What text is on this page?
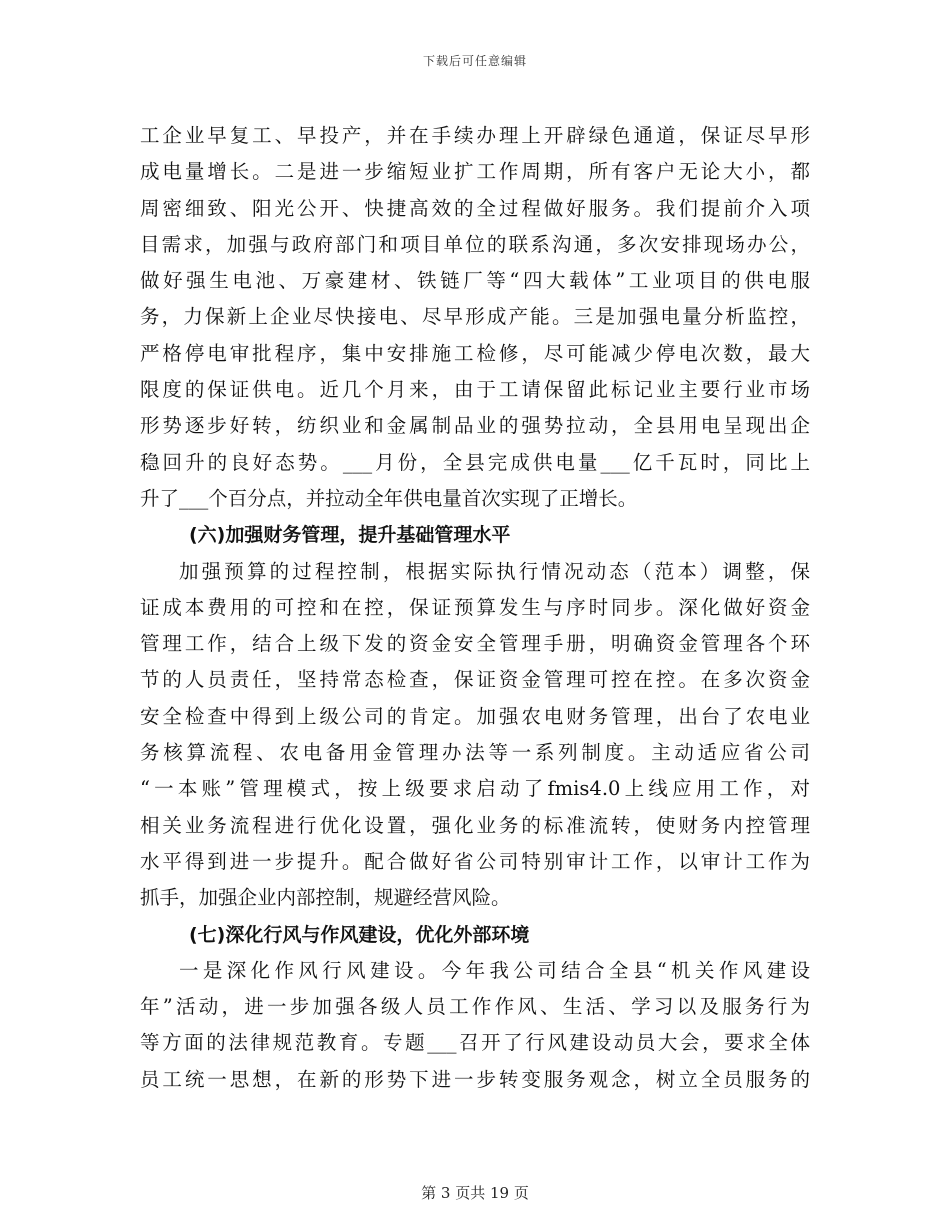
下载后可任意编辑
工企业早复工、早投产，并在手续办理上开辟绿色通道，保证尽早形
成电量增长。二是进一步缩短业扩工作周期，所有客户无论大小，都
周密细致、阳光公开、快捷高效的全过程做好服务。我们提前介入项
目需求，加强与政府部门和项目单位的联系沟通，多次安排现场办公，
做好强生电池、万豪建材、铁链厂等“四大载体”工业项目的供电服
务，力保新上企业尽快接电、尽早形成产能。三是加强电量分析监控，
严格停电审批程序，集中安排施工检修，尽可能减少停电次数，最大
限度的保证供电。近几个月来，由于工请保留此标记业主要行业市场
形势逐步好转，纺织业和金属制品业的强势拉动，全县用电呈现出企
稳回升的良好态势。___月份，全县完成供电量___亿千瓦时，同比上
升了___个百分点，并拉动全年供电量首次实现了正增长。
(六)加强财务管理，提升基础管理水平
加强预算的过程控制，根据实际执行情况动态（范本）调整，保
证成本费用的可控和在控，保证预算发生与序时同步。深化做好资金
管理工作，结合上级下发的资金安全管理手册，明确资金管理各个环
节的人员责任，坚持常态检查，保证资金管理可控在控。在多次资金
安全检查中得到上级公司的肯定。加强农电财务管理，出台了农电业
务核算流程、农电备用金管理办法等一系列制度。主动适应省公司
“一本账”管理模式，按上级要求启动了fmis4.0上线应用工作，对
相关业务流程进行优化设置，强化业务的标准流转，使财务内控管理
水平得到进一步提升。配合做好省公司特别审计工作，以审计工作为
抓手，加强企业内部控制，规避经营风险。
(七)深化行风与作风建设，优化外部环境
一是深化作风行风建设。今年我公司结合全县“机关作风建设
年”活动，进一步加强各级人员工作作风、生活、学习以及服务行为
等方面的法律规范教育。专题___召开了行风建设动员大会，要求全体
员工统一思想，在新的形势下进一步转变服务观念，树立全员服务的
第 3 页共 19 页
